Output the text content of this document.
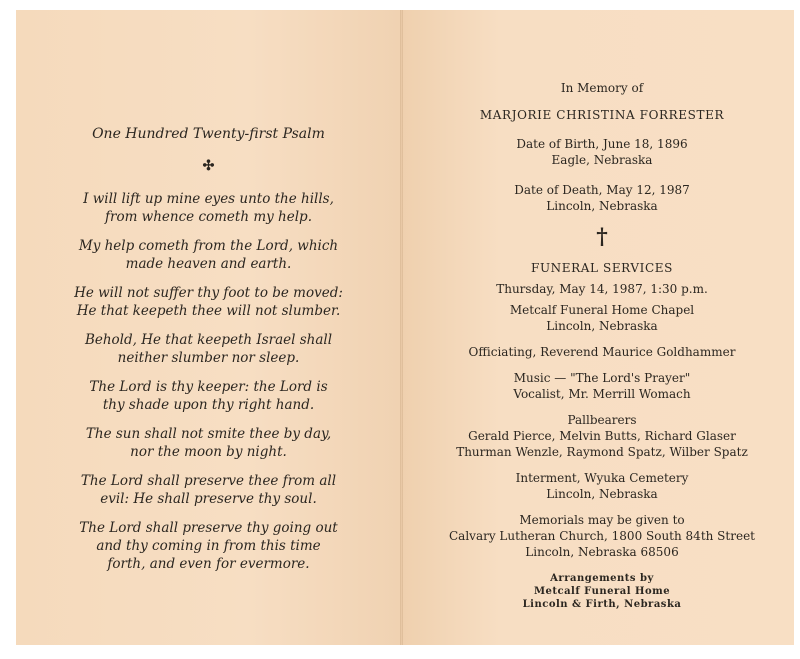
One Hundred Twenty-first Psalm
✣

I will lift up mine eyes unto the hills,
from whence cometh my help.

My help cometh from the Lord, which
made heaven and earth.

He will not suffer thy foot to be moved:
He that keepeth thee will not slumber.

Behold, He that keepeth Israel shall
neither slumber nor sleep.

The Lord is thy keeper: the Lord is
thy shade upon thy right hand.

The sun shall not smite thee by day,
nor the moon by night.

The Lord shall preserve thee from all
evil: He shall preserve thy soul.

The Lord shall preserve thy going out
and thy coming in from this time
forth, and even for evermore.

In Memory of
MARJORIE CHRISTINA FORRESTER
Date of Birth, June 18, 1896
Eagle, Nebraska
Date of Death, May 12, 1987
Lincoln, Nebraska
†
FUNERAL SERVICES
Thursday, May 14, 1987, 1:30 p.m.
Metcalf Funeral Home Chapel
Lincoln, Nebraska
Officiating, Reverend Maurice Goldhammer
Music — "The Lord's Prayer"
Vocalist, Mr. Merrill Womach
Pallbearers
Gerald Pierce, Melvin Butts, Richard Glaser
Thurman Wenzle, Raymond Spatz, Wilber Spatz
Interment, Wyuka Cemetery
Lincoln, Nebraska
Memorials may be given to
Calvary Lutheran Church, 1800 South 84th Street
Lincoln, Nebraska 68506
Arrangements by
Metcalf Funeral Home
Lincoln & Firth, Nebraska
